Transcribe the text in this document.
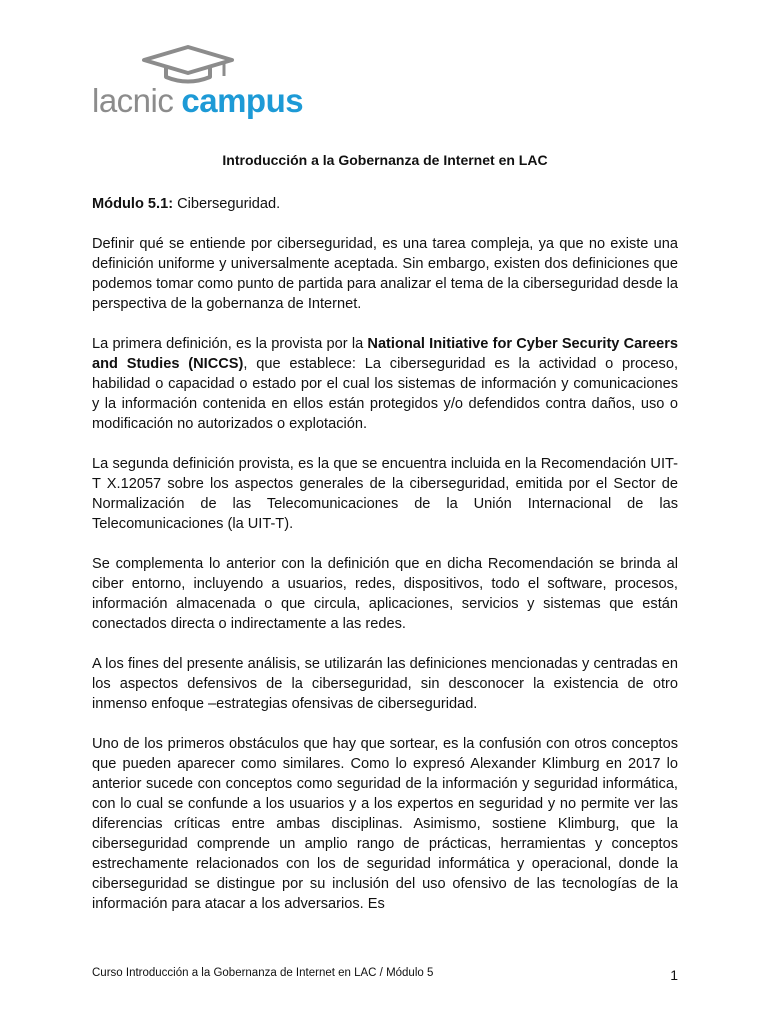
lacnic campus
Introducción a la Gobernanza de Internet en LAC

Módulo 5.1: Ciberseguridad.

Definir qué se entiende por ciberseguridad, es una tarea compleja, ya que no existe una definición uniforme y universalmente aceptada. Sin embargo, existen dos definiciones que podemos tomar como punto de partida para analizar el tema de la ciberseguridad desde la perspectiva de la gobernanza de Internet.

La primera definición, es la provista por la National Initiative for Cyber Security Careers and Studies (NICCS), que establece: La ciberseguridad es la actividad o proceso, habilidad o capacidad o estado por el cual los sistemas de información y comunicaciones y la información contenida en ellos están protegidos y/o defendidos contra daños, uso o modificación no autorizados o explotación.

La segunda definición provista, es la que se encuentra incluida en la Recomendación UIT-T X.12057 sobre los aspectos generales de la ciberseguridad, emitida por el Sector de Normalización de las Telecomunicaciones de la Unión Internacional de las Telecomunicaciones (la UIT-T).

Se complementa lo anterior con la definición que en dicha Recomendación se brinda al ciber entorno, incluyendo a usuarios, redes, dispositivos, todo el software, procesos, información almacenada o que circula, aplicaciones, servicios y sistemas que están conectados directa o indirectamente a las redes.

A los fines del presente análisis, se utilizarán las definiciones mencionadas y centradas en los aspectos defensivos de la ciberseguridad, sin desconocer la existencia de otro inmenso enfoque –estrategias ofensivas de ciberseguridad.

Uno de los primeros obstáculos que hay que sortear, es la confusión con otros conceptos que pueden aparecer como similares. Como lo expresó Alexander Klimburg en 2017 lo anterior sucede con conceptos como seguridad de la información y seguridad informática, con lo cual se confunde a los usuarios y a los expertos en seguridad y no permite ver las diferencias críticas entre ambas disciplinas. Asimismo, sostiene Klimburg, que la ciberseguridad comprende un amplio rango de prácticas, herramientas y conceptos estrechamente relacionados con los de seguridad informática y operacional, donde la ciberseguridad se distingue por su inclusión del uso ofensivo de las tecnologías de la información para atacar a los adversarios. Es

Curso Introducción a la Gobernanza de Internet en LAC / Módulo 5	1
